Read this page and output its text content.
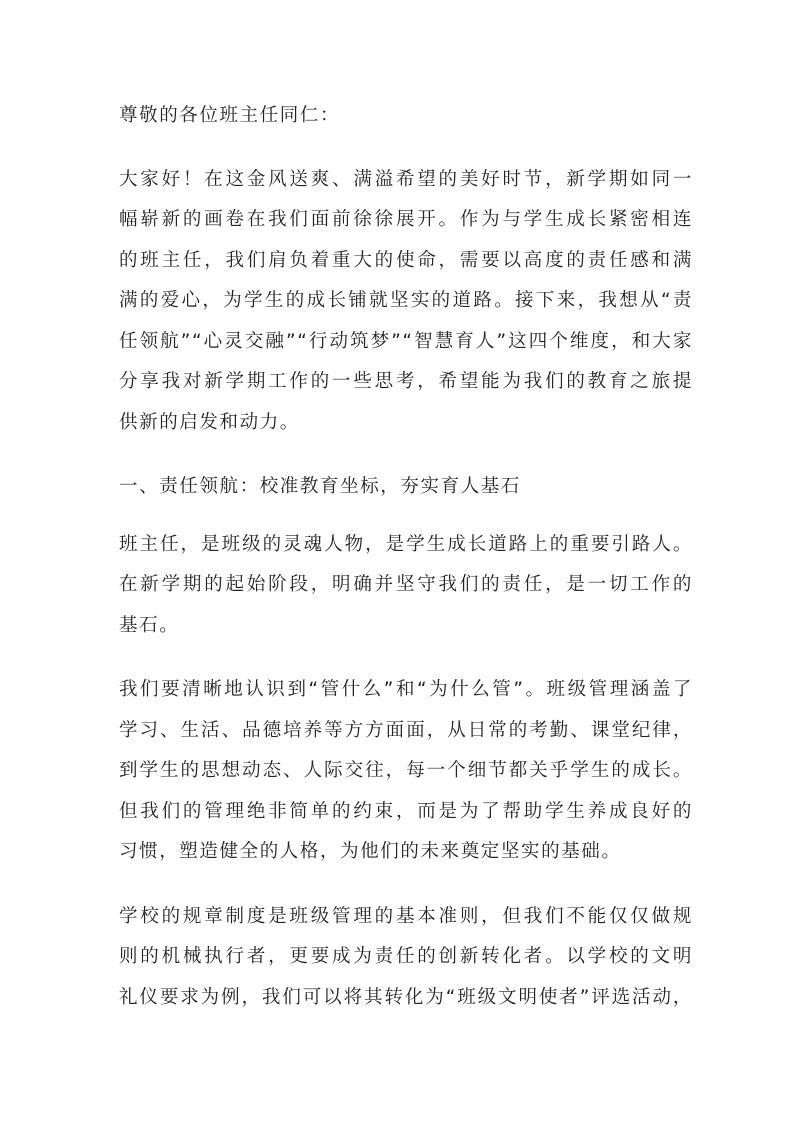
尊敬的各位班主任同仁：

大家好！在这金风送爽、满溢希望的美好时节，新学期如同一
幅崭新的画卷在我们面前徐徐展开。作为与学生成长紧密相连
的班主任，我们肩负着重大的使命，需要以高度的责任感和满
满的爱心，为学生的成长铺就坚实的道路。接下来，我想从“责
任领航”“心灵交融”“行动筑梦”“智慧育人”这四个维度，和大家
分享我对新学期工作的一些思考，希望能为我们的教育之旅提
供新的启发和动力。

一、责任领航：校准教育坐标，夯实育人基石

班主任，是班级的灵魂人物，是学生成长道路上的重要引路人。
在新学期的起始阶段，明确并坚守我们的责任，是一切工作的
基石。

我们要清晰地认识到“管什么”和“为什么管”。班级管理涵盖了
学习、生活、品德培养等方方面面，从日常的考勤、课堂纪律，
到学生的思想动态、人际交往，每一个细节都关乎学生的成长。
但我们的管理绝非简单的约束，而是为了帮助学生养成良好的
习惯，塑造健全的人格，为他们的未来奠定坚实的基础。

学校的规章制度是班级管理的基本准则，但我们不能仅仅做规
则的机械执行者，更要成为责任的创新转化者。以学校的文明
礼仪要求为例，我们可以将其转化为“班级文明使者”评选活动，
